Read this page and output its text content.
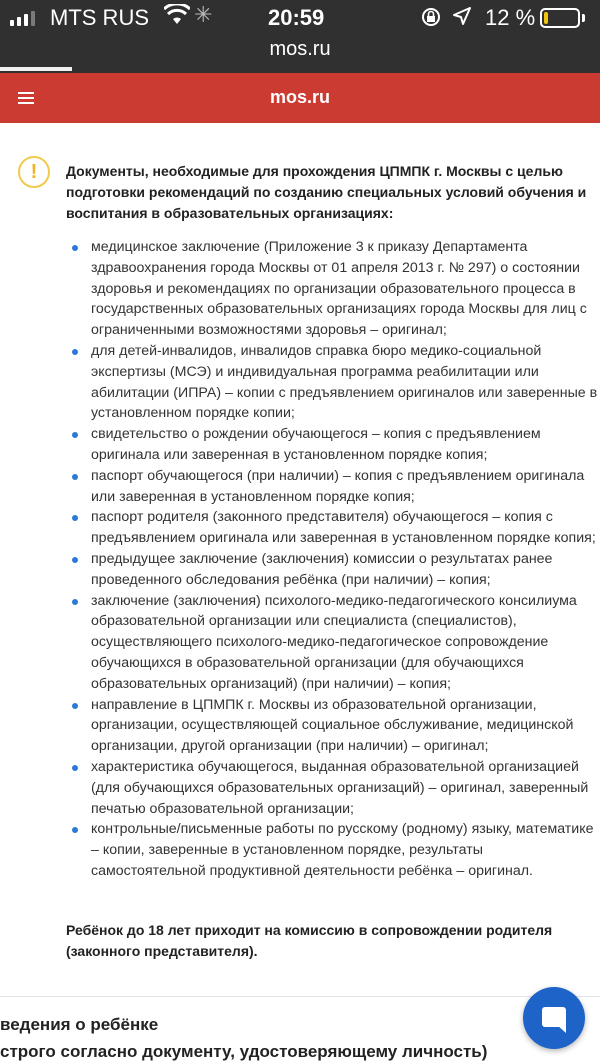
MTS RUS ✳	20:59	12 %
mos.ru
mos.ru
!	Документы, необходимые для прохождения ЦПМПК г. Москвы с целью подготовки рекомендаций по созданию специальных условий обучения и воспитания в образовательных организациях:
медицинское заключение (Приложение 3 к приказу Департамента здравоохранения города Москвы от 01 апреля 2013 г. № 297) о состоянии здоровья и рекомендациях по организации образовательного процесса в государственных образовательных организациях города Москвы для лиц с ограниченными возможностями здоровья – оригинал;
для детей-инвалидов, инвалидов справка бюро медико-социальной экспертизы (МСЭ) и индивидуальная программа реабилитации или абилитации (ИПРА) – копии с предъявлением оригиналов или заверенные в установленном порядке копии;
свидетельство о рождении обучающегося – копия с предъявлением оригинала или заверенная в установленном порядке копия;
паспорт обучающегося (при наличии) – копия с предъявлением оригинала или заверенная в установленном порядке копия;
паспорт родителя (законного представителя) обучающегося – копия с предъявлением оригинала или заверенная в установленном порядке копия;
предыдущее заключение (заключения) комиссии о результатах ранее проведенного обследования ребёнка (при наличии) – копия;
заключение (заключения) психолого-медико-педагогического консилиума образовательной организации или специалиста (специалистов), осуществляющего психолого-медико-педагогическое сопровождение обучающихся в образовательной организации (для обучающихся образовательных организаций) (при наличии) – копия;
направление в ЦПМПК г. Москвы из образовательной организации, организации, осуществляющей социальное обслуживание, медицинской организации, другой организации (при наличии) – оригинал;
характеристика обучающегося, выданная образовательной организацией (для обучающихся образовательных организаций) – оригинал, заверенный печатью образовательной организации;
контрольные/письменные работы по русскому (родному) языку, математике – копии, заверенные в установленном порядке, результаты самостоятельной продуктивной деятельности ребёнка – оригинал.
Ребёнок до 18 лет приходит на комиссию в сопровождении родителя (законного представителя).
ведения о ребёнке
строго согласно документу, удостоверяющему личность)
